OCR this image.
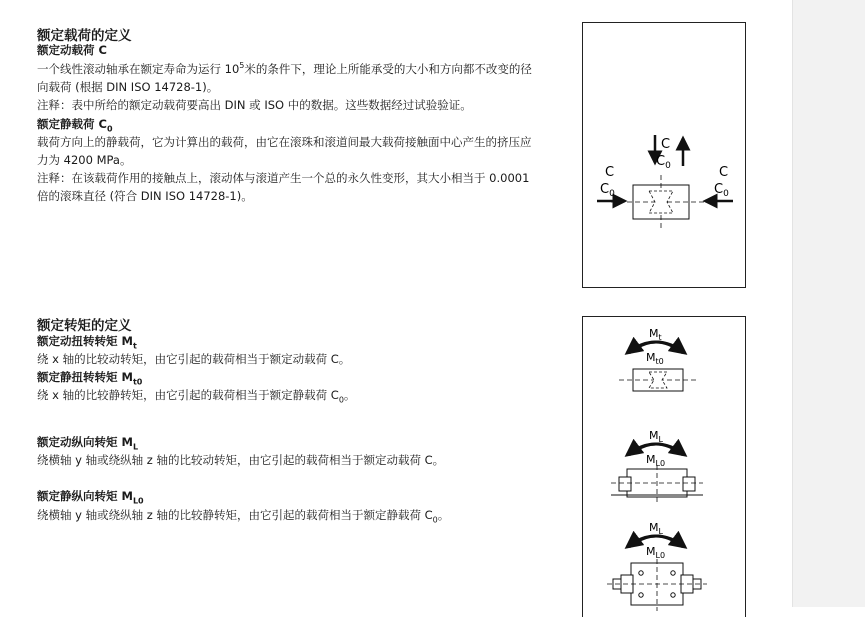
额定载荷的定义
额定动载荷 C
一个线性滚动轴承在额定寿命为运行 $10^5$米的条件下，理论上所能承受的大小和方向都不改变的径
向载荷 (根据 DIN ISO 14728-1)。
注释：表中所给的额定动载荷要高出 DIN 或 ISO 中的数据。这些数据经过试验验证。
额定静载荷 $C_0$
载荷方向上的静载荷，它为计算出的载荷，由它在滚珠和滚道间最大载荷接触面中心产生的挤压应
力为 4200 MPa。
注释：在该载荷作用的接触点上，滚动体与滚道产生一个总的永久性变形，其大小相当于 0.0001
倍的滚珠直径 (符合 DIN ISO 14728-1)。
C
$C_0$
C
$C_0$
C
$C_0$
额定转矩的定义
额定动扭转转矩 $M_t$
绕 x 轴的比较动转矩，由它引起的载荷相当于额定动载荷 C。
额定静扭转转矩 $M_{t0}$
绕 x 轴的比较静转矩，由它引起的载荷相当于额定静载荷 $C_0$。
额定动纵向转矩 $M_L$
绕横轴 y 轴或绕纵轴 z 轴的比较动转矩，由它引起的载荷相当于额定动载荷 C。
额定静纵向转矩 $M_{L0}$
绕横轴 y 轴或绕纵轴 z 轴的比较静转矩，由它引起的载荷相当于额定静载荷 $C_0$。
$M_t$
$M_{t0}$
$M_L$
$M_{L0}$
$M_L$
$M_{L0}$
